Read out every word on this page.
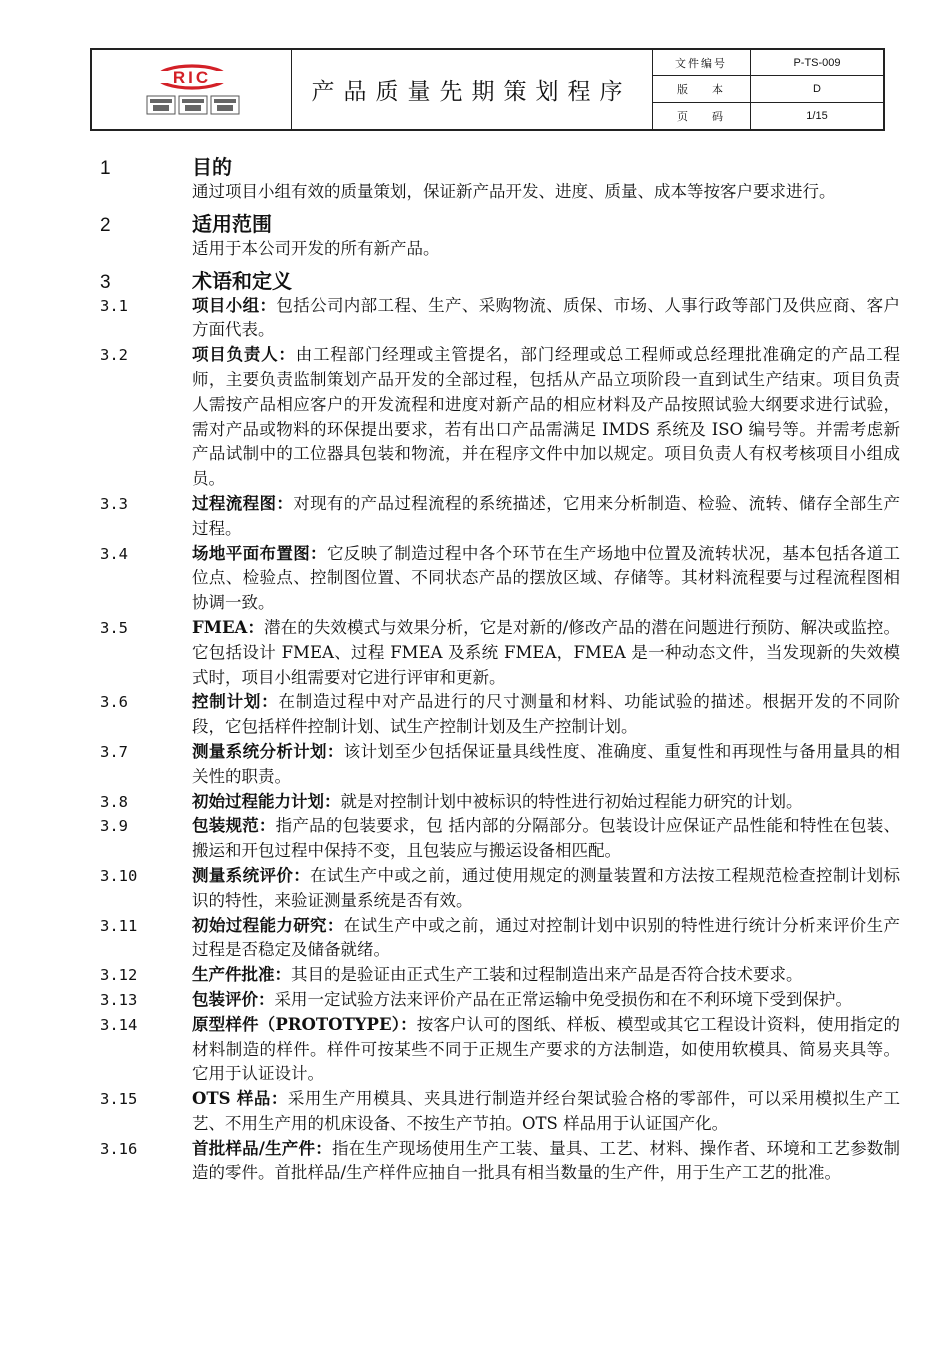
RIC
产品质量先期策划程序
文件编号	P-TS-009
版    本	D
页    码	1/15
1	目的
通过项目小组有效的质量策划，保证新产品开发、进度、质量、成本等按客户要求进行。
2	适用范围
适用于本公司开发的所有新产品。
3	术语和定义
3.1	项目小组：包括公司内部工程、生产、采购物流、质保、市场、人事行政等部门及供应商、客户方面代表。
3.2	项目负责人：由工程部门经理或主管提名，部门经理或总工程师或总经理批准确定的产品工程师，主要负责监制策划产品开发的全部过程，包括从产品立项阶段一直到试生产结束。项目负责人需按产品相应客户的开发流程和进度对新产品的相应材料及产品按照试验大纲要求进行试验，需对产品或物料的环保提出要求，若有出口产品需满足 IMDS 系统及 ISO 编号等。并需考虑新产品试制中的工位器具包装和物流，并在程序文件中加以规定。项目负责人有权考核项目小组成员。
3.3	过程流程图：对现有的产品过程流程的系统描述，它用来分析制造、检验、流转、储存全部生产过程。
3.4	场地平面布置图：它反映了制造过程中各个环节在生产场地中位置及流转状况，基本包括各道工位点、检验点、控制图位置、不同状态产品的摆放区域、存储等。其材料流程要与过程流程图相协调一致。
3.5	FMEA：潜在的失效模式与效果分析，它是对新的/修改产品的潜在问题进行预防、解决或监控。它包括设计 FMEA、过程 FMEA 及系统 FMEA，FMEA 是一种动态文件，当发现新的失效模式时，项目小组需要对它进行评审和更新。
3.6	控制计划：在制造过程中对产品进行的尺寸测量和材料、功能试验的描述。根据开发的不同阶段，它包括样件控制计划、试生产控制计划及生产控制计划。
3.7	测量系统分析计划：该计划至少包括保证量具线性度、准确度、重复性和再现性与备用量具的相关性的职责。
3.8	初始过程能力计划：就是对控制计划中被标识的特性进行初始过程能力研究的计划。
3.9	包装规范：指产品的包装要求，包 括内部的分隔部分。包装设计应保证产品性能和特性在包装、搬运和开包过程中保持不变，且包装应与搬运设备相匹配。
3.10	测量系统评价：在试生产中或之前，通过使用规定的测量装置和方法按工程规范检查控制计划标识的特性，来验证测量系统是否有效。
3.11	初始过程能力研究：在试生产中或之前，通过对控制计划中识别的特性进行统计分析来评价生产过程是否稳定及储备就绪。
3.12	生产件批准：其目的是验证由正式生产工装和过程制造出来产品是否符合技术要求。
3.13	包装评价：采用一定试验方法来评价产品在正常运输中免受损伤和在不利环境下受到保护。
3.14	原型样件（PROTOTYPE）：按客户认可的图纸、样板、模型或其它工程设计资料，使用指定的材料制造的样件。样件可按某些不同于正规生产要求的方法制造，如使用软模具、简易夹具等。它用于认证设计。
3.15	OTS 样品：采用生产用模具、夹具进行制造并经台架试验合格的零部件，可以采用模拟生产工艺、不用生产用的机床设备、不按生产节拍。OTS 样品用于认证国产化。
3.16	首批样品/生产件：指在生产现场使用生产工装、量具、工艺、材料、操作者、环境和工艺参数制造的零件。首批样品/生产样件应抽自一批具有相当数量的生产件，用于生产工艺的批准。
